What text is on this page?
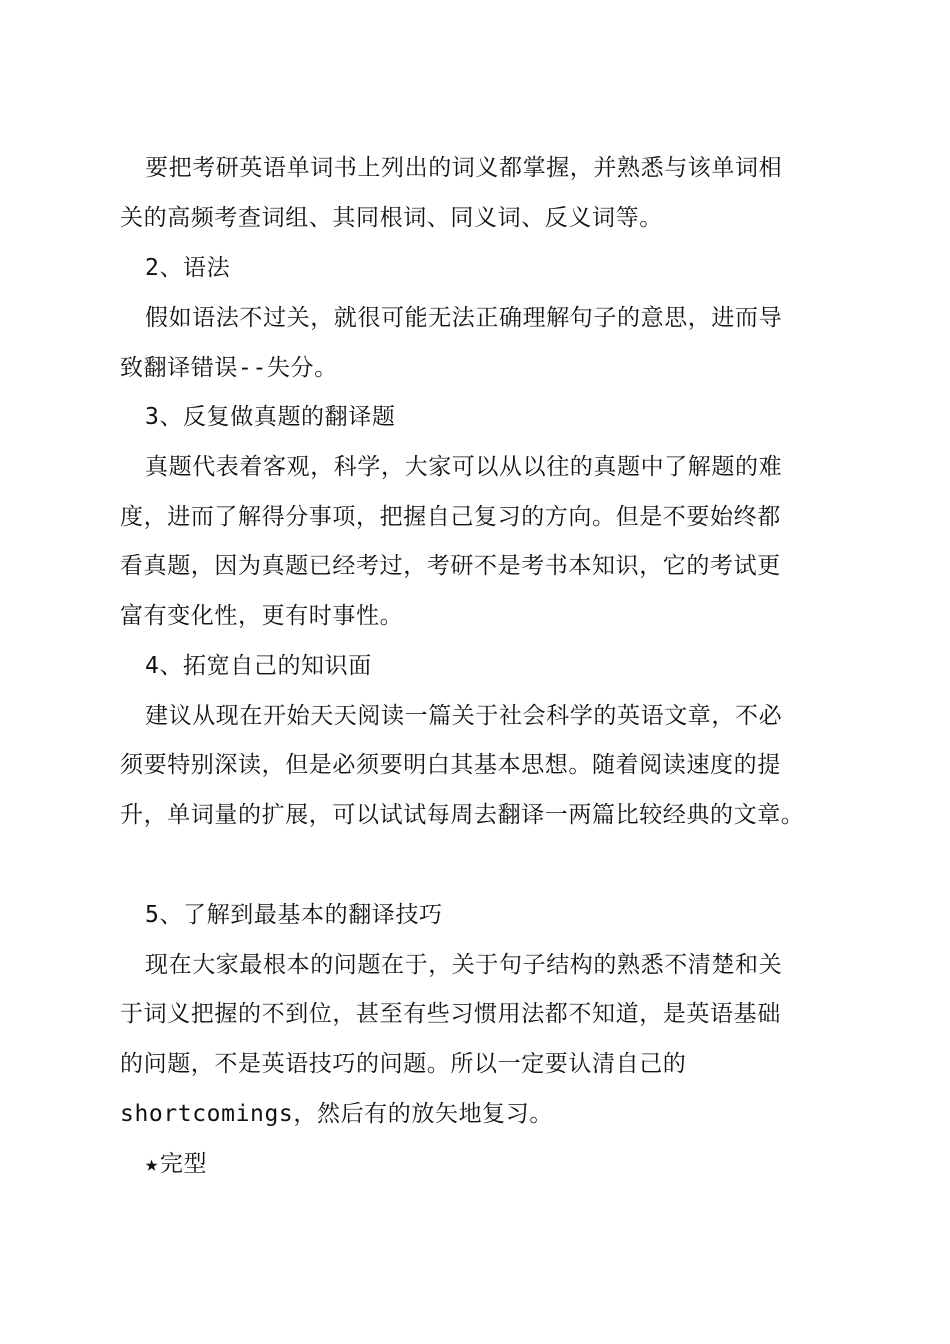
要把考研英语单词书上列出的词义都掌握，并熟悉与该单词相
关的高频考查词组、其同根词、同义词、反义词等。
2、语法
假如语法不过关，就很可能无法正确理解句子的意思，进而导
致翻译错误--失分。
3、反复做真题的翻译题
真题代表着客观，科学，大家可以从以往的真题中了解题的难
度，进而了解得分事项，把握自己复习的方向。但是不要始终都
看真题，因为真题已经考过，考研不是考书本知识，它的考试更
富有变化性，更有时事性。
4、拓宽自己的知识面
建议从现在开始天天阅读一篇关于社会科学的英语文章，不必
须要特别深读，但是必须要明白其基本思想。随着阅读速度的提
升，单词量的扩展，可以试试每周去翻译一两篇比较经典的文章。
5、了解到最基本的翻译技巧
现在大家最根本的问题在于，关于句子结构的熟悉不清楚和关
于词义把握的不到位，甚至有些习惯用法都不知道，是英语基础
的问题，不是英语技巧的问题。所以一定要认清自己的
shortcomings，然后有的放矢地复习。
★完型
